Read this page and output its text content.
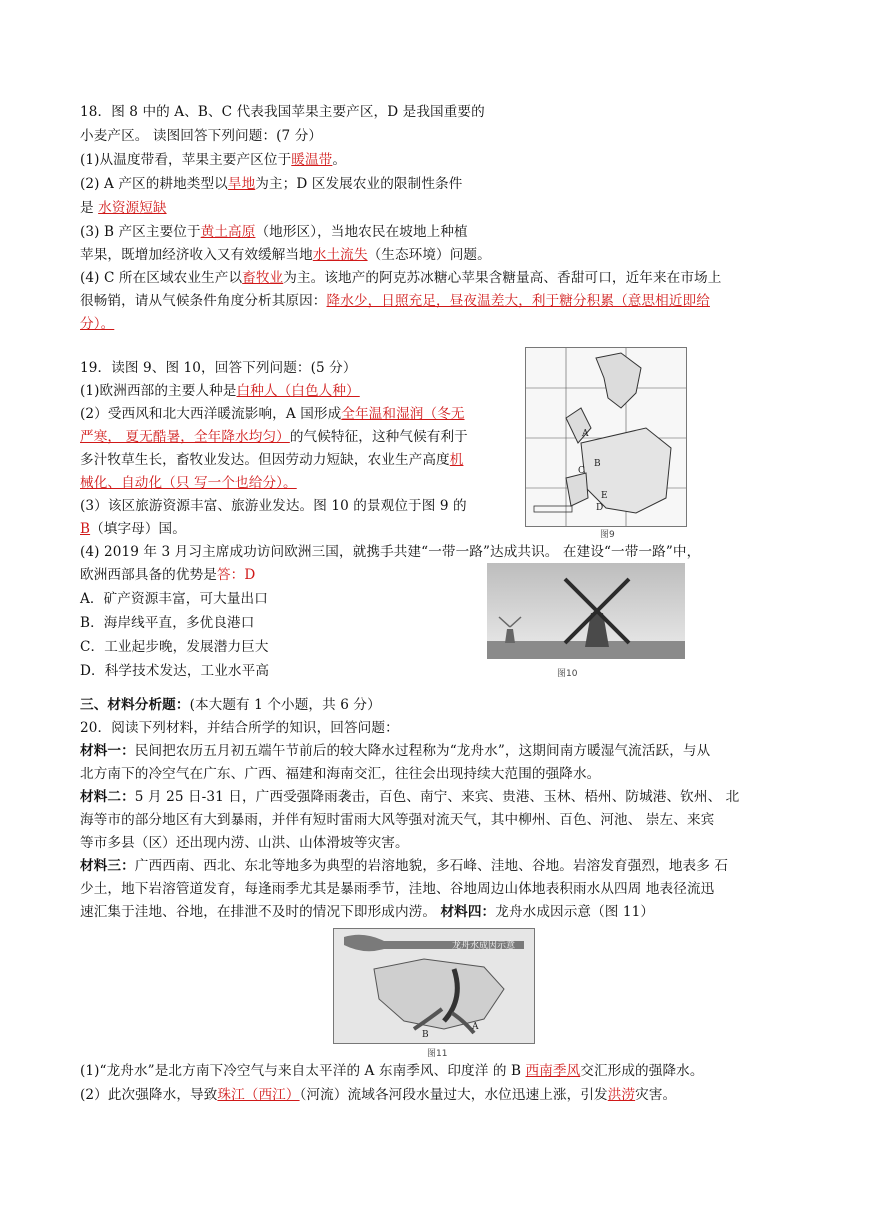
18．图 8 中的 A、B、C 代表我国苹果主要产区，D 是我国重要的
小麦产区。 读图回答下列问题：(7 分）
(1)从温度带看，苹果主要产区位于暖温带。
(2) A 产区的耕地类型以旱地为主；D 区发展农业的限制性条件
是 水资源短缺
(3) B 产区主要位于黄土高原（地形区），当地农民在坡地上种植
苹果，既增加经济收入又有效缓解当地水土流失（生态环境）问题。
(4) C 所在区域农业生产以畜牧业为主。该地产的阿克苏冰糖心苹果含糖量高、香甜可口，近年来在市场上
很畅销，请从气候条件角度分析其原因：降水少，日照充足，昼夜温差大，利于糖分积累（意思相近即给
分）。
19．读图 9、图 10，回答下列问题：(5 分）
(1)欧洲西部的主要人种是白种人（白色人种）
(2）受西风和北大西洋暖流影响，A 国形成全年温和湿润（冬无
严寒， 夏无酷暑，全年降水均匀）的气候特征，这种气候有利于
多汁牧草生长，畜牧业发达。但因劳动力短缺，农业生产高度机
械化、自动化（只 写一个也给分）。
(3）该区旅游资源丰富、旅游业发达。图 10 的景观位于图 9 的
B（填字母）国。
(4) 2019 年 3 月习主席成功访问欧洲三国，就携手共建“一带一路”达成共识。 在建设“一带一路”中，
欧洲西部具备的优势是答：D
A．矿产资源丰富，可大量出口
B．海岸线平直，多优良港口
C．工业起步晚，发展潜力巨大
D．科学技术发达，工业水平高
A
B
C
E
D
图9
图10
三、材料分析题：(本大题有 1 个小题，共 6 分）
20．阅读下列材料，并结合所学的知识，回答问题：
材料一：民间把农历五月初五端午节前后的较大降水过程称为“龙舟水”，这期间南方暖湿气流活跃，与从
北方南下的冷空气在广东、广西、福建和海南交汇，往往会出现持续大范围的强降水。
材料二：5 月 25 日-31 日，广西受强降雨袭击，百色、南宁、来宾、贵港、玉林、梧州、防城港、钦州、 北
海等市的部分地区有大到暴雨，并伴有短时雷雨大风等强对流天气，其中柳州、百色、河池、 崇左、来宾
等市多县（区）还出现内涝、山洪、山体滑坡等灾害。
材料三：广西西南、西北、东北等地多为典型的岩溶地貌，多石峰、洼地、谷地。岩溶发育强烈，地表多 石
少土，地下岩溶管道发育，每逢雨季尤其是暴雨季节，洼地、谷地周边山体地表积雨水从四周 地表径流迅
速汇集于洼地、谷地，在排泄不及时的情况下即形成内涝。 材料四：龙舟水成因示意（图 11）
龙舟水成因示意
B
A
图11
(1)“龙舟水”是北方南下冷空气与来自太平洋的 A 东南季风、印度洋 的 B 西南季风交汇形成的强降水。
(2）此次强降水，导致珠江（西江）（河流）流域各河段水量过大，水位迅速上涨，引发洪涝灾害。
